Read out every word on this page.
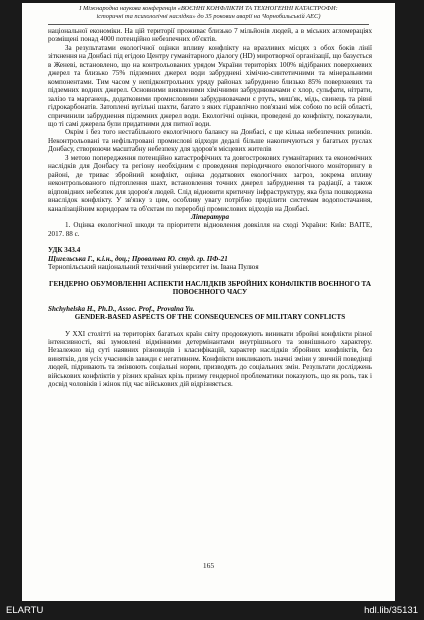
І Міжнародна наукова конференція «ВОЄННІ КОНФЛІКТИ ТА ТЕХНОГЕННІ КАТАСТРОФИ:
історичні та психологічні наслідки» до 35 роковин аварії на Чорнобильській АЕС)

національної економіки. На цій території проживає близько 7 мільйонів людей, а в міських агломераціях розміщені понад 4000 потенційно небезпечних об'єктів.

За результатами екологічної оцінки впливу конфлікту на вразливих місцях з обох боків лінії зіткнення на Донбасі під егідою Центру гуманітарного діалогу (HD) миротворчої організації, що базується в Женеві, встановлено, що на контрольованих урядом України територіях 100% відібраних поверхневих джерел та близько 75% підземних джерел води забруднені хімічно-синтетичними та мінеральними компонентами. Тим часом у непідконтрольних уряду районах забруднено близько 85% поверхневих та підземних водних джерел. Основними виявленими хімічними забруднювачами є хлор, сульфати, нітрати, залізо та марганець, додатковими промисловими забруднювачами є ртуть, миш'як, мідь, свинець та рівні гідрокарбонатів. Затоплені вугільні шахти, багато з яких гідравлічно пов'язані між собою по всій області, спричинили забруднення підземних джерел води. Екологічні оцінки, проведені до конфлікту, показували, що ті самі джерела були придатними для питної води.

Окрім і без того нестабільного екологічного балансу на Донбасі, є ще кілька небезпечних ризиків. Неконтрольовані та нефільтровані промислові відходи дедалі більше накопичуються у багатьох руслах Донбасу, створюючи масштабну небезпеку для здоров'я місцевих жителів

З метою попередження потенційно катастрофічних та довгострокових гуманітарних та економічних наслідків для Донбасу та регіону необхідним є проведення періодичного екологічного моніторингу в районі, де триває збройний конфлікт, оцінка додаткових екологічних загроз, зокрема впливу неконтрольованого підтоплення шахт, встановлення точних джерел забруднення та радіації, а також відповідних небезпек для здоров'я людей. Слід відновити критичну інфраструктуру, яка була пошкоджена внаслідок конфлікту. У зв'язку з цим, особливу увагу потрібно приділити системам водопостачання, каналізаційним коридорам та об'єктам по переробці промислових відходів на Донбасі.

Література

1. Оцінка екологічної шкоди та пріоритети відновлення довкілля на сході України: Київ: BAITE, 2017. 88 с.

УДК 343.4

Щигельська Г., к.і.н., доц.; Провальна Ю. студ. гр. ПФ-21

Тернопільський національний технічний університет ім. Івана Пулюя

ГЕНДЕРНО ОБУМОВЛЕННІ АСПЕКТИ НАСЛІДКІВ ЗБРОЙНИХ КОНФЛІКТІВ ВОЄННОГО ТА ПОВОЄННОГО ЧАСУ

Shchyhelska H., Ph.D., Assoc. Prof., Provalna Yu.

GENDER-BASED ASPECTS OF THE CONSEQUENCES OF MILITARY CONFLICTS

У XXI столітті на територіях багатьох країн світу продовжують виникати збройні конфлікти різної інтенсивності, які зумовлені відмінними детермінантами внутрішнього та зовнішнього характеру. Незалежно від суті наявних різновидів і класифікацій, характер наслідків збройних конфліктів, без винятків, для усіх учасників завжди є негативним. Конфлікти викликають значні зміни у звичній поведінці людей, підривають та змінюють соціальні норми, призводять до соціальних змін. Результати досліджень військових конфліктів у різних країнах крізь призму гендерної проблематики показують, що як роль, так і досвід чоловіків і жінок під час військових дій відрізняється.

165
ELARTU	hdl.lib/35131
